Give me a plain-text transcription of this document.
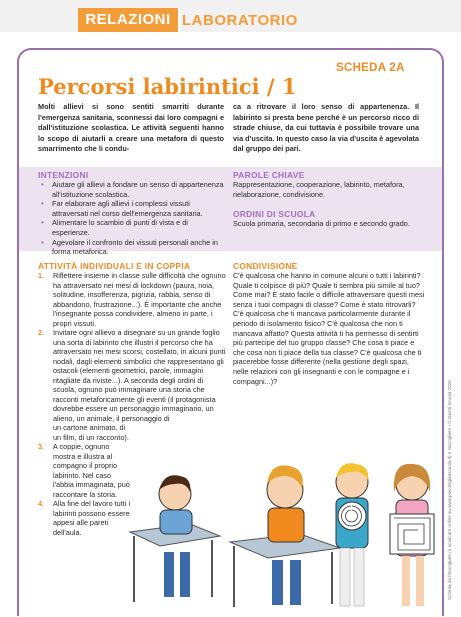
RELAZIONI LABORATORIO
SCHEDA 2A
Percorsi labirintici / 1

Molti allievi si sono sentiti smarriti durante l'emergenza sanitaria, sconnessi dai loro compagni e dall'istituzione scolastica. Le attività seguenti hanno lo scopo di aiutarli a creare una metafora di questo smarrimento che li condu-

ca a ritrovare il loro senso di appartenenza. Il labirinto si presta bene perché è un percorso ricco di strade chiuse, da cui tuttavia è possibile trovare una via d'uscita. In questo caso la via d'uscita è agevolata dal gruppo dei pari.

INTENZIONI
• Aiutare gli allievi a fondare un senso di appartenenza all'istituzione scolastica.
• Far elaborare agli allievi i complessi vissuti attraversati nel corso dell'emergenza sanitaria.
• Alimentare lo scambio di punti di vista e di esperienze.
• Agevolare il confronto dei vissuti personali anche in forma metaforica.
PAROLE CHIAVE
Rappresentazione, cooperazione, labirinto, metafora, rielaborazione, condivisione.
ORDINI DI SCUOLA
Scuola primaria, secondaria di primo e secondo grado.
ATTIVITÀ INDIVIDUALI E IN COPPIA
1. Riflettere insieme in classe sulle difficoltà che ognuno ha attraversato nei mesi di lockdown (paura, noia, solitudine, insofferenza, pigrizia, rabbia, senso di abbandono, frustrazione...). È importante che anche l'insegnante possa condividere, almeno in parte, i propri vissuti.
2. Invitare ogni allievo a disegnare su un grande foglio una sorta di labirinto che illustri il percorso che ha attraversato nei mesi scorsi, costellato, in alcuni punti nodali, dagli elementi simbolici che rappresentano gli ostacoli (elementi geometrici, parole, immagini ritagliate da riviste...). A seconda degli ordini di scuola, ognuno può immaginare una storia che racconti metaforicamente gli eventi (il protagonista dovrebbe essere un personaggio immaginario, un alieno, un animale, il personaggio di
un cartone animato, di un film, di un racconto).
3. A coppie, ognuno mostra e illustra al compagno il proprio labirinto. Nel caso l'abbia immaginata, può raccontare la storia.
4. Alla fine del lavoro tutti i labirinti possono essere appesi alle pareti dell'aula.
CONDIVISIONE

C'è qualcosa che hanno in comune alcuni o tutti i labirinti? Quale ti colpisce di più? Quale ti sembra più simile al tuo? Come mai? È stato facile o difficile attraversare questi mesi senza i tuoi compagni di classe? Come è stato ritrovarli? C'è qualcosa che ti mancava particolarmente durante il periodo di isolamento fisico? C'è qualcosa che non ti mancava affatto? Questa attività ti ha permesso di sentirti più partecipe del tuo gruppo classe? Che cosa ti piace e che cosa non ti piace della tua classe? C'è qualcosa che ti piacerebbe fosse differente (nella gestione degli spazi, nelle relazioni con gli insegnanti e con le compagne e i compagni...)?	Scheda da fotocopiare (o scaricare online su www.psicologiaescuola.it) e raccogliere • © Giunti Scuola 2020
